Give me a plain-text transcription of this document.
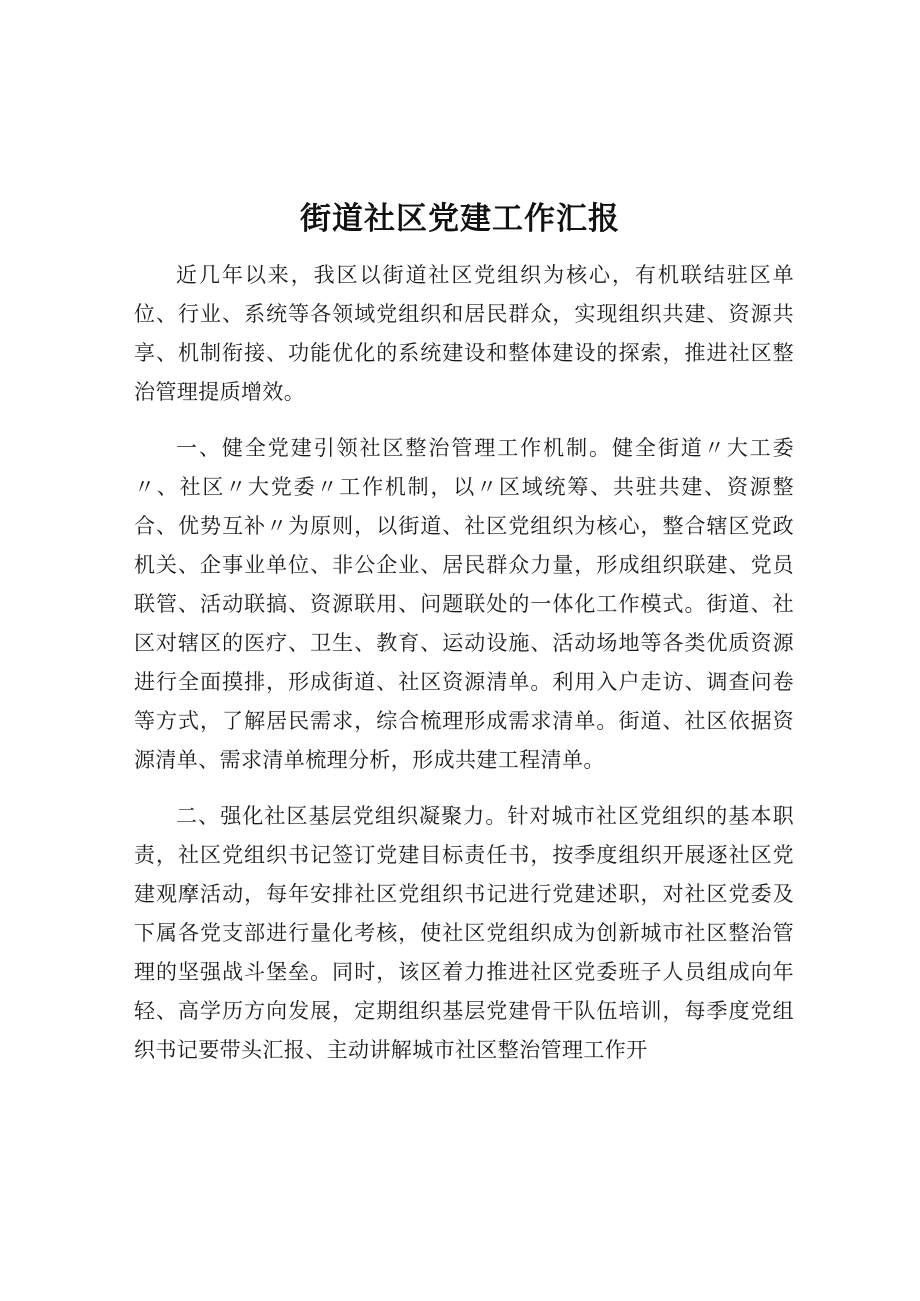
街道社区党建工作汇报

近几年以来，我区以街道社区党组织为核心，有机联结驻区单位、行业、系统等各领域党组织和居民群众，实现组织共建、资源共享、机制衔接、功能优化的系统建设和整体建设的探索，推进社区整治管理提质增效。

一、健全党建引领社区整治管理工作机制。健全街道〃大工委〃、社区〃大党委〃工作机制，以〃区域统筹、共驻共建、资源整合、优势互补〃为原则，以街道、社区党组织为核心，整合辖区党政机关、企事业单位、非公企业、居民群众力量，形成组织联建、党员联管、活动联搞、资源联用、问题联处的一体化工作模式。街道、社区对辖区的医疗、卫生、教育、运动设施、活动场地等各类优质资源进行全面摸排，形成街道、社区资源清单。利用入户走访、调查问卷等方式，了解居民需求，综合梳理形成需求清单。街道、社区依据资源清单、需求清单梳理分析，形成共建工程清单。

二、强化社区基层党组织凝聚力。针对城市社区党组织的基本职责，社区党组织书记签订党建目标责任书，按季度组织开展逐社区党建观摩活动，每年安排社区党组织书记进行党建述职，对社区党委及下属各党支部进行量化考核，使社区党组织成为创新城市社区整治管理的坚强战斗堡垒。同时，该区着力推进社区党委班子人员组成向年轻、高学历方向发展，定期组织基层党建骨干队伍培训，每季度党组织书记要带头汇报、主动讲解城市社区整治管理工作开
